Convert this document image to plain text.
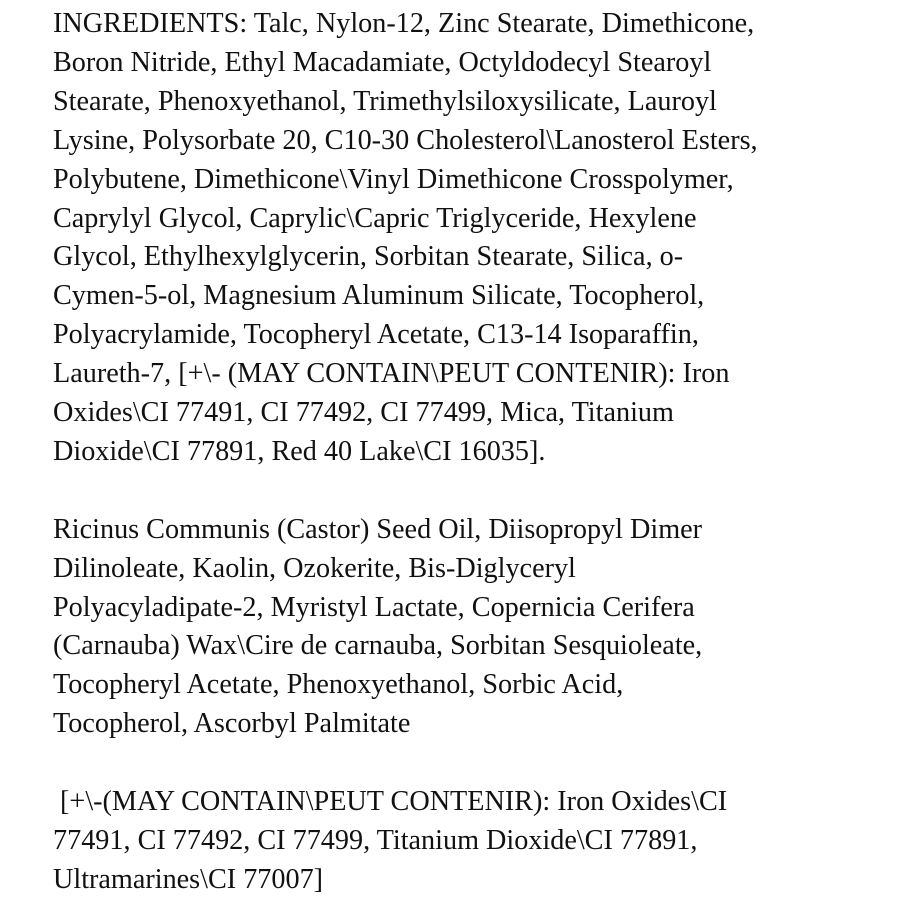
INGREDIENTS: Talc, Nylon-12, Zinc Stearate, Dimethicone,
Boron Nitride, Ethyl Macadamiate, Octyldodecyl Stearoyl
Stearate, Phenoxyethanol, Trimethylsiloxysilicate, Lauroyl
Lysine, Polysorbate 20, C10-30 Cholesterol\Lanosterol Esters,
Polybutene, Dimethicone\Vinyl Dimethicone Crosspolymer,
Caprylyl Glycol, Caprylic\Capric Triglyceride, Hexylene
Glycol, Ethylhexylglycerin, Sorbitan Stearate, Silica, o-
Cymen-5-ol, Magnesium Aluminum Silicate, Tocopherol,
Polyacrylamide, Tocopheryl Acetate, C13-14 Isoparaffin,
Laureth-7, [+\- (MAY CONTAIN\PEUT CONTENIR): Iron
Oxides\CI 77491, CI 77492, CI 77499, Mica, Titanium
Dioxide\CI 77891, Red 40 Lake\CI 16035].
Ricinus Communis (Castor) Seed Oil, Diisopropyl Dimer
Dilinoleate, Kaolin, Ozokerite, Bis-Diglyceryl
Polyacyladipate-2, Myristyl Lactate, Copernicia Cerifera
(Carnauba) Wax\Cire de carnauba, Sorbitan Sesquioleate,
Tocopheryl Acetate, Phenoxyethanol, Sorbic Acid,
Tocopherol, Ascorbyl Palmitate
[+\-(MAY CONTAIN\PEUT CONTENIR): Iron Oxides\CI
77491, CI 77492, CI 77499, Titanium Dioxide\CI 77891,
Ultramarines\CI 77007]
